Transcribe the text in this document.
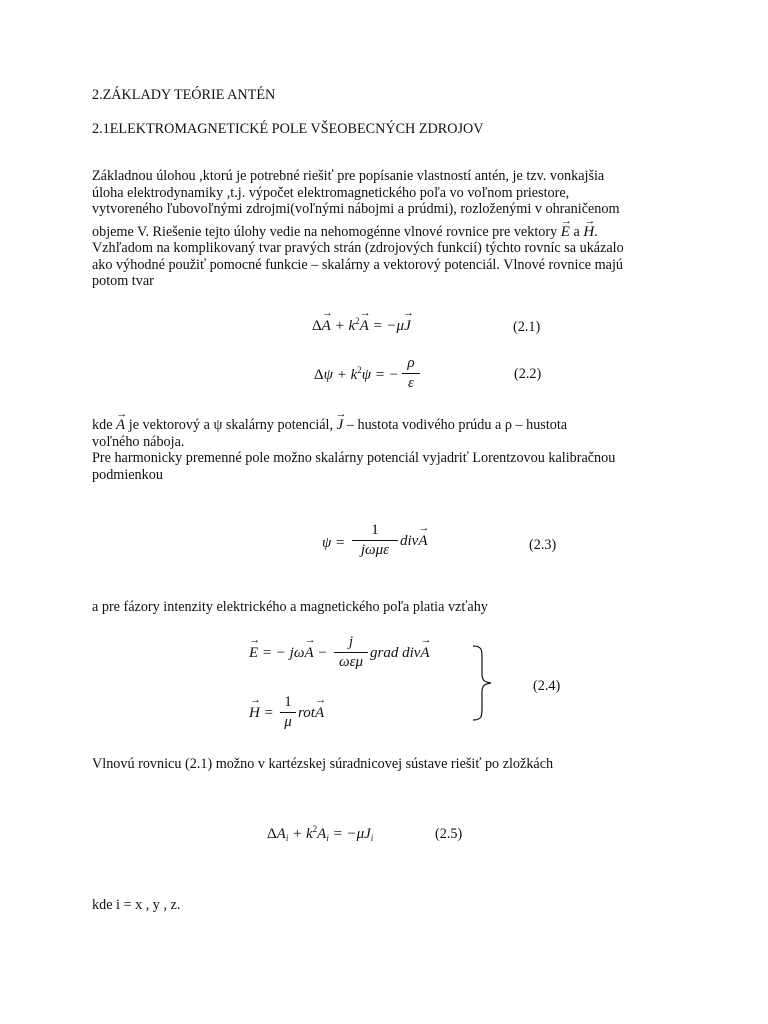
2.ZÁKLADY TEÓRIE ANTÉN
2.1ELEKTROMAGNETICKÉ POLE VŠEOBECNÝCH ZDROJOV
Základnou úlohou ,ktorú je potrebné riešiť pre popísanie vlastností antén, je tzv. vonkajšia
úloha elektrodynamiky ,t.j. výpočet elektromagnetického poľa vo voľnom priestore,
vytvoreného ľubovoľnými zdrojmi(voľnými nábojmi a prúdmi), rozloženými v ohraničenom
objeme V. Riešenie tejto úlohy vedie na nehomogénne vlnové rovnice pre vektory → E a → H.
Vzhľadom na komplikovaný tvar pravých strán (zdrojových funkcií) týchto rovníc sa ukázalo
ako výhodné použiť pomocné funkcie – skalárny a vektorový potenciál. Vlnové rovnice majú
potom tvar
$\Delta\to A + k^2\to A = -\mu\to J$	(2.1)
$\Delta\psi + k^2\psi$ = −
ρ
ε
(2.2)
kde → A je vektorový a ψ skalárny potenciál, → J – hustota vodivého prúdu a ρ – hustota
voľného náboja.
Pre harmonicky premenné pole možno skalárny potenciál vyjadriť Lorentzovou kalibračnou
podmienkou
ψ =
1
jωμε
div→ A	(2.3)
a pre fázory intenzity elektrického a magnetického poľa platia vzťahy
→ E = − jω→ A −
j
ωεμ
grad div→ A
→ H =
1
μ
rot→ A
(2.4)
Vlnovú rovnicu (2.1) možno v kartézskej súradnicovej sústave riešiť po zložkách
$\Delta A_i + k^2A_i = -\mu J_i$	(2.5)
kde i = x , y , z.
